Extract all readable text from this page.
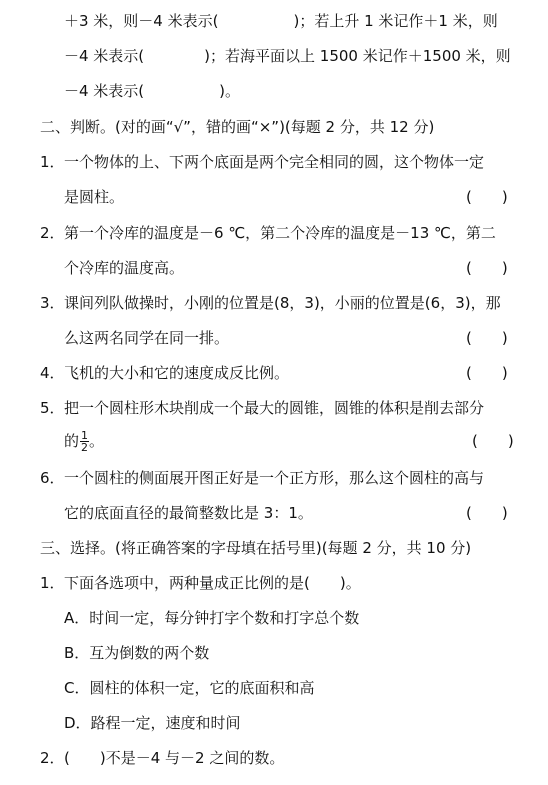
＋3 米，则－4 米表示(　　　　　)；若上升 1 米记作＋1 米，则
－4 米表示(　　　　)；若海平面以上 1500 米记作＋1500 米，则
－4 米表示(　　　　　)。
二、判断。(对的画“√”，错的画“×”)(每题 2 分，共 12 分)
1． 一个物体的上、下两个底面是两个完全相同的圆，这个物体一定
是圆柱。	(　　)
2． 第一个冷库的温度是－6 ℃，第二个冷库的温度是－13 ℃，第二
个冷库的温度高。	(　　)
3． 课间列队做操时，小刚的位置是(8，3)，小丽的位置是(6，3)，那
么这两名同学在同一排。	(　　)
4． 飞机的大小和它的速度成反比例。	(　　)
5． 把一个圆柱形木块削成一个最大的圆锥，圆锥的体积是削去部分
的 $\frac{1}{2}$ 。	(　　)
6． 一个圆柱的侧面展开图正好是一个正方形，那么这个圆柱的高与
它的底面直径的最简整数比是 3：1。	(　　)
三、选择。(将正确答案的字母填在括号里)(每题 2 分，共 10 分)
1． 下面各选项中，两种量成正比例的是(　　)。
A．时间一定，每分钟打字个数和打字总个数
B．互为倒数的两个数
C．圆柱的体积一定，它的底面积和高
D．路程一定，速度和时间
2． (　　)不是－4 与－2 之间的数。
